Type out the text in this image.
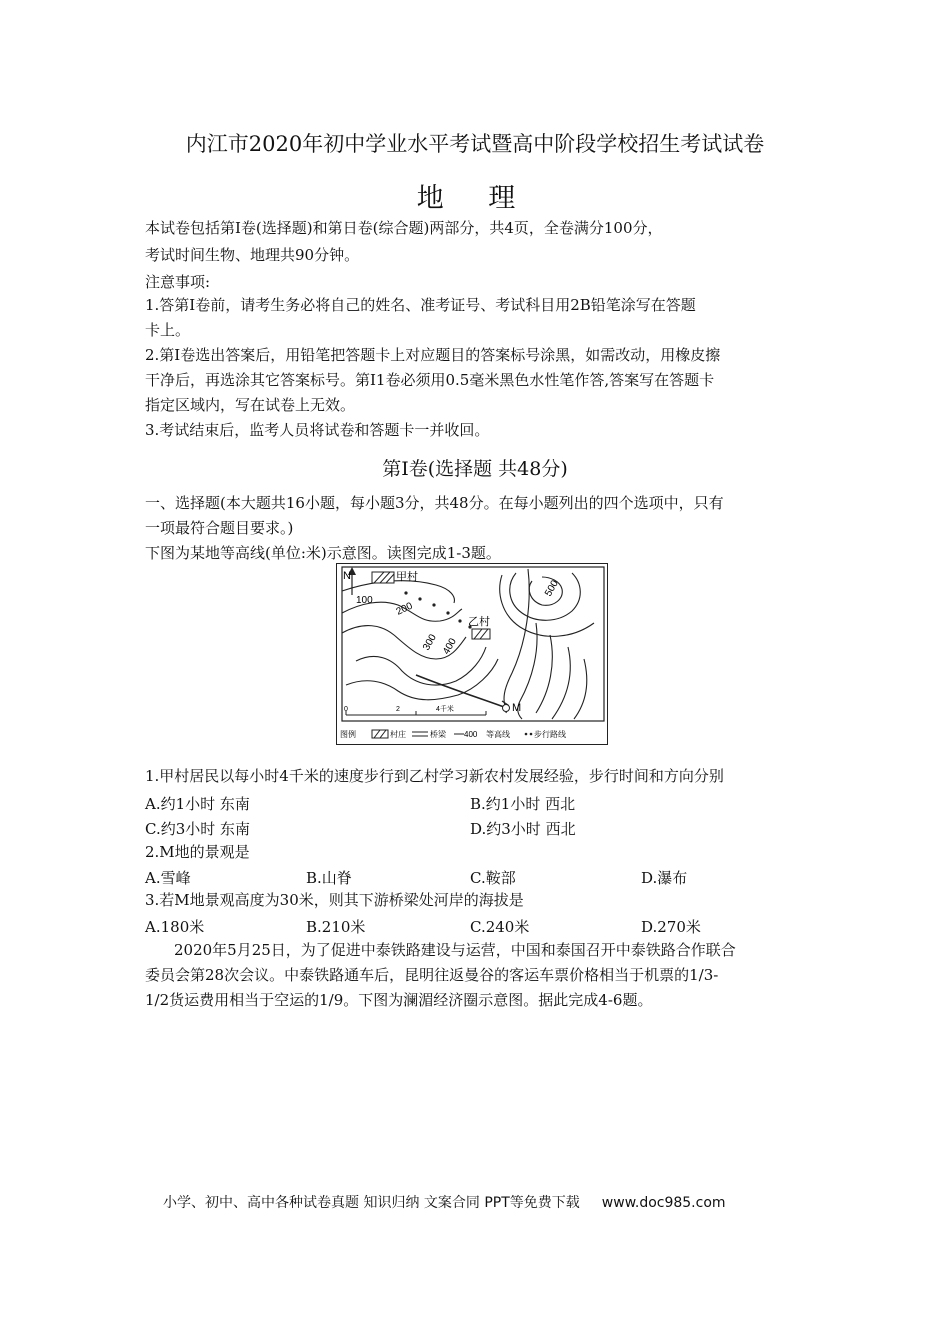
内江市2020年初中学业水平考试暨高中阶段学校招生考试试卷
地 理
本试卷包括第I卷(选择题)和第日卷(综合题)两部分，共4页，全卷满分100分，
考试时间生物、地理共90分钟。
注意事项:
1.答第I卷前，请考生务必将自己的姓名、准考证号、考试科目用2B铅笔涂写在答题
卡上。
2.第I卷选出答案后，用铅笔把答题卡上对应题目的答案标号涂黑，如需改动，用橡皮擦
干净后，再选涂其它答案标号。第I1卷必须用0.5毫米黑色水性笔作答,答案写在答题卡
指定区域内，写在试卷上无效。
3.考试结束后，监考人员将试卷和答题卡一并收回。
第I卷(选择题 共48分)
一、选择题(本大题共16小题，每小题3分，共48分。在每小题列出的四个选项中，只有
一项最符合题目要求。)
下图为某地等高线(单位:米)示意图。读图完成1-3题。
N	甲村
乙村
100
200
300 400
500
M
0	2	4千米
图例	村庄	桥梁 400 等高线	步行路线
1.甲村居民以每小时4千米的速度步行到乙村学习新农村发展经验，步行时间和方向分别
A.约1小时 东南	B.约1小时 西北
C.约3小时 东南	D.约3小时 西北
2.M地的景观是
A.雪峰	B.山脊	C.鞍部	D.瀑布
3.若M地景观高度为30米，则其下游桥梁处河岸的海拔是
A.180米	B.210米	C.240米	D.270米
2020年5月25日，为了促进中泰铁路建设与运营，中国和泰国召开中泰铁路合作联合
委员会第28次会议。中泰铁路通车后，昆明往返曼谷的客运车票价格相当于机票的1/3-
1/2货运费用相当于空运的1/9。下图为澜湄经济圈示意图。据此完成4-6题。
小学、初中、高中各种试卷真题 知识归纳 文案合同 PPT等免费下载 www.doc985.com
